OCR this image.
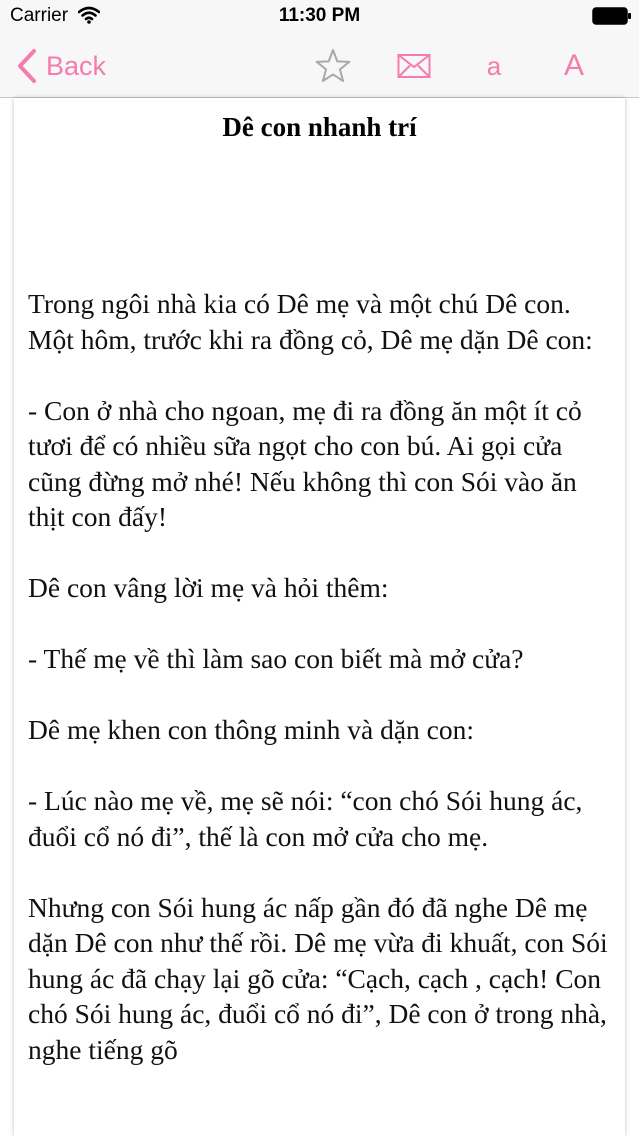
Carrier	11:30 PM
Back	a A
Dê con nhanh trí

Trong ngôi nhà kia có Dê mẹ và một chú Dê con. Một hôm, trước khi ra đồng cỏ, Dê mẹ dặn Dê con:

- Con ở nhà cho ngoan, mẹ đi ra đồng ăn một ít cỏ tươi để có nhiều sữa ngọt cho con bú. Ai gọi cửa cũng đừng mở nhé! Nếu không thì con Sói vào ăn thịt con đấy!

Dê con vâng lời mẹ và hỏi thêm:

- Thế mẹ về thì làm sao con biết mà mở cửa?

Dê mẹ khen con thông minh và dặn con:

- Lúc nào mẹ về, mẹ sẽ nói: “con chó Sói hung ác, đuổi cổ nó đi”, thế là con mở cửa cho mẹ.

Nhưng con Sói hung ác nấp gần đó đã nghe Dê mẹ dặn Dê con như thế rồi. Dê mẹ vừa đi khuất, con Sói hung ác đã chạy lại gõ cửa: “Cạch, cạch , cạch! Con chó Sói hung ác, đuổi cổ nó đi”, Dê con ở trong nhà, nghe tiếng gõ
